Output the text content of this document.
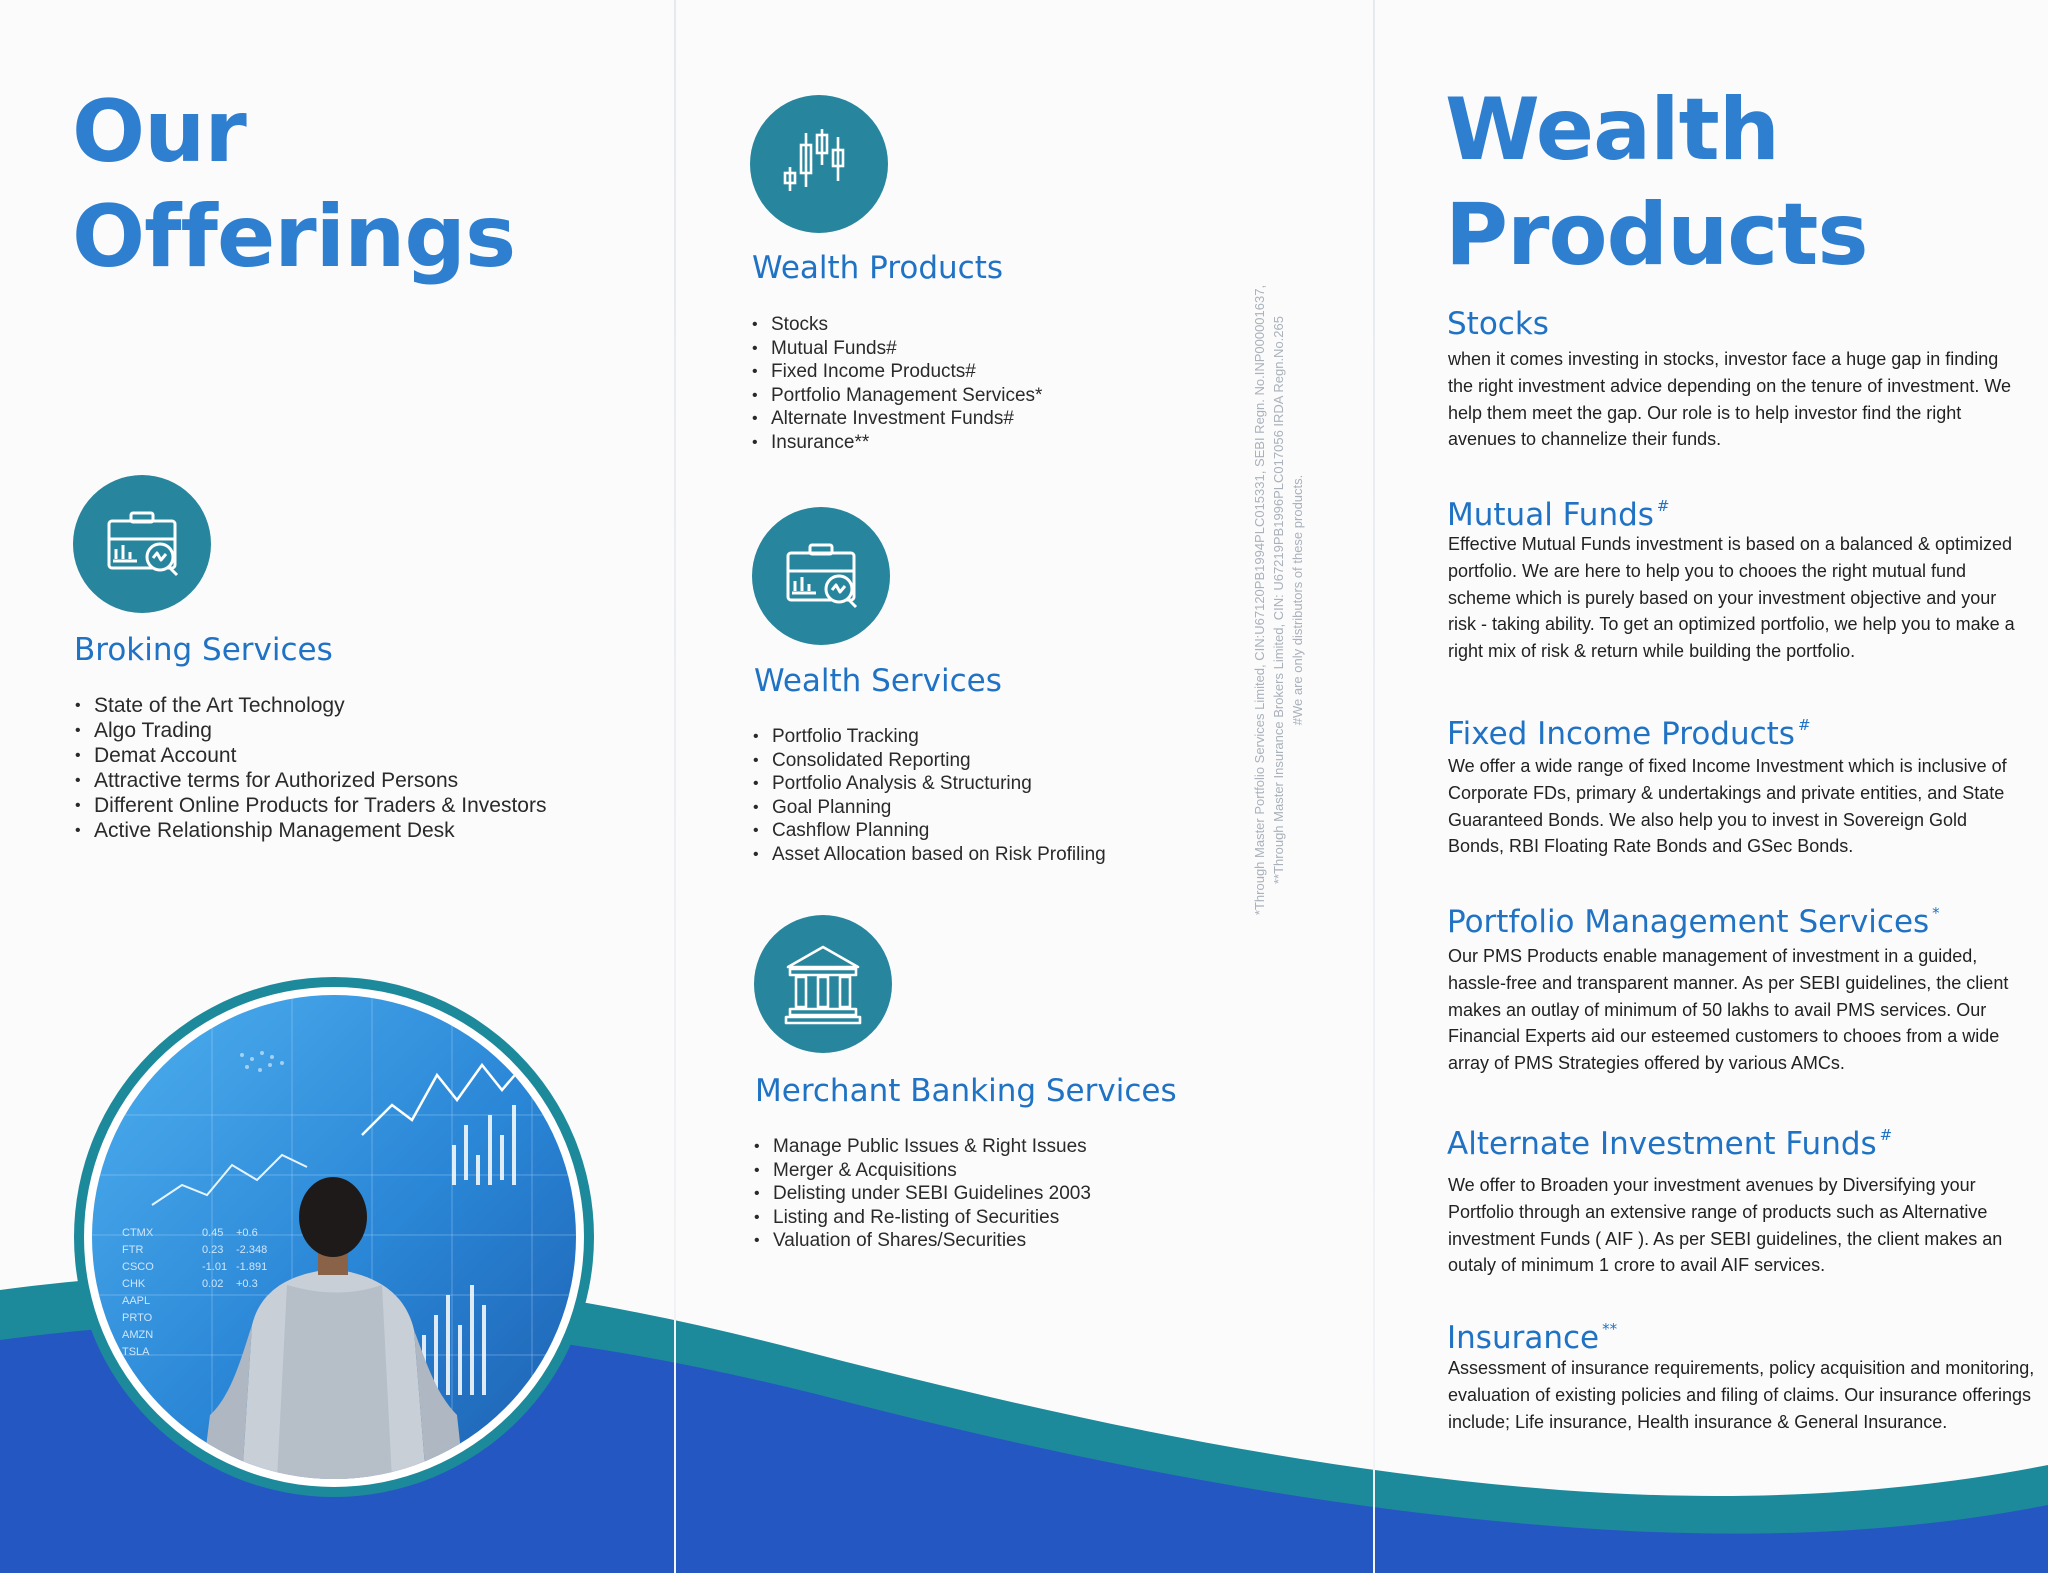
Our
Offerings
Broking Services
• State of the Art Technology
• Algo Trading
• Demat Account
• Attractive terms for Authorized Persons
• Different Online Products for Traders & Investors
• Active Relationship Management Desk
CTMX
FTR
CSCO
CHK
AAPL
PRTO
AMZN
TSLA
0.45
0.23
-1.01
0.02
+0.6
-2.348
-1.891
+0.3
Wealth Products
• Stocks
• Mutual Funds#
• Fixed Income Products#
• Portfolio Management Services*
• Alternate Investment Funds#
• Insurance**
Wealth Services
• Portfolio Tracking
• Consolidated Reporting
• Portfolio Analysis & Structuring
• Goal Planning
• Cashflow Planning
• Asset Allocation based on Risk Profiling
Merchant Banking Services
• Manage Public Issues & Right Issues
• Merger & Acquisitions
• Delisting under SEBI Guidelines 2003
• Listing and Re-listing of Securities
• Valuation of Shares/Securities
*Through Master Portfolio Services Limited, CIN:U67120PB1994PLC015331, SEBI Regn. No.INP000001637, **Through Master Insurance Brokers Limited, CIN: U67219PB1996PLC017056 IRDA Regn.No.265 #We are only distributors of these products.
Wealth
Products
Stocks

when it comes investing in stocks, investor face a huge gap in finding the right investment advice depending on the tenure of investment. We help them meet the gap. Our role is to help investor find the right avenues to channelize their funds.

Mutual Funds #

Effective Mutual Funds investment is based on a balanced & optimized portfolio. We are here to help you to chooes the right mutual fund scheme which is purely based on your investment objective and your risk - taking ability. To get an optimized portfolio, we help you to make a right mix of risk & return while building the portfolio.

Fixed Income Products #

We offer a wide range of fixed Income Investment which is inclusive of Corporate FDs, primary & undertakings and private entities, and State Guaranteed Bonds. We also help you to invest in Sovereign Gold Bonds, RBI Floating Rate Bonds and GSec Bonds.

Portfolio Management Services *

Our PMS Products enable management of investment in a guided, hassle-free and transparent manner. As per SEBI guidelines, the client makes an outlay of minimum of 50 lakhs to avail PMS services. Our Financial Experts aid our esteemed customers to chooes from a wide array of PMS Strategies offered by various AMCs.

Alternate Investment Funds #

We offer to Broaden your investment avenues by Diversifying your Portfolio through an extensive range of products such as Alternative investment Funds ( AIF ). As per SEBI guidelines, the client makes an outaly of minimum 1 crore to avail AIF services.

Insurance **

Assessment of insurance requirements, policy acquisition and monitoring, evaluation of existing policies and filing of claims. Our insurance offerings include; Life insurance, Health insurance & General Insurance.
